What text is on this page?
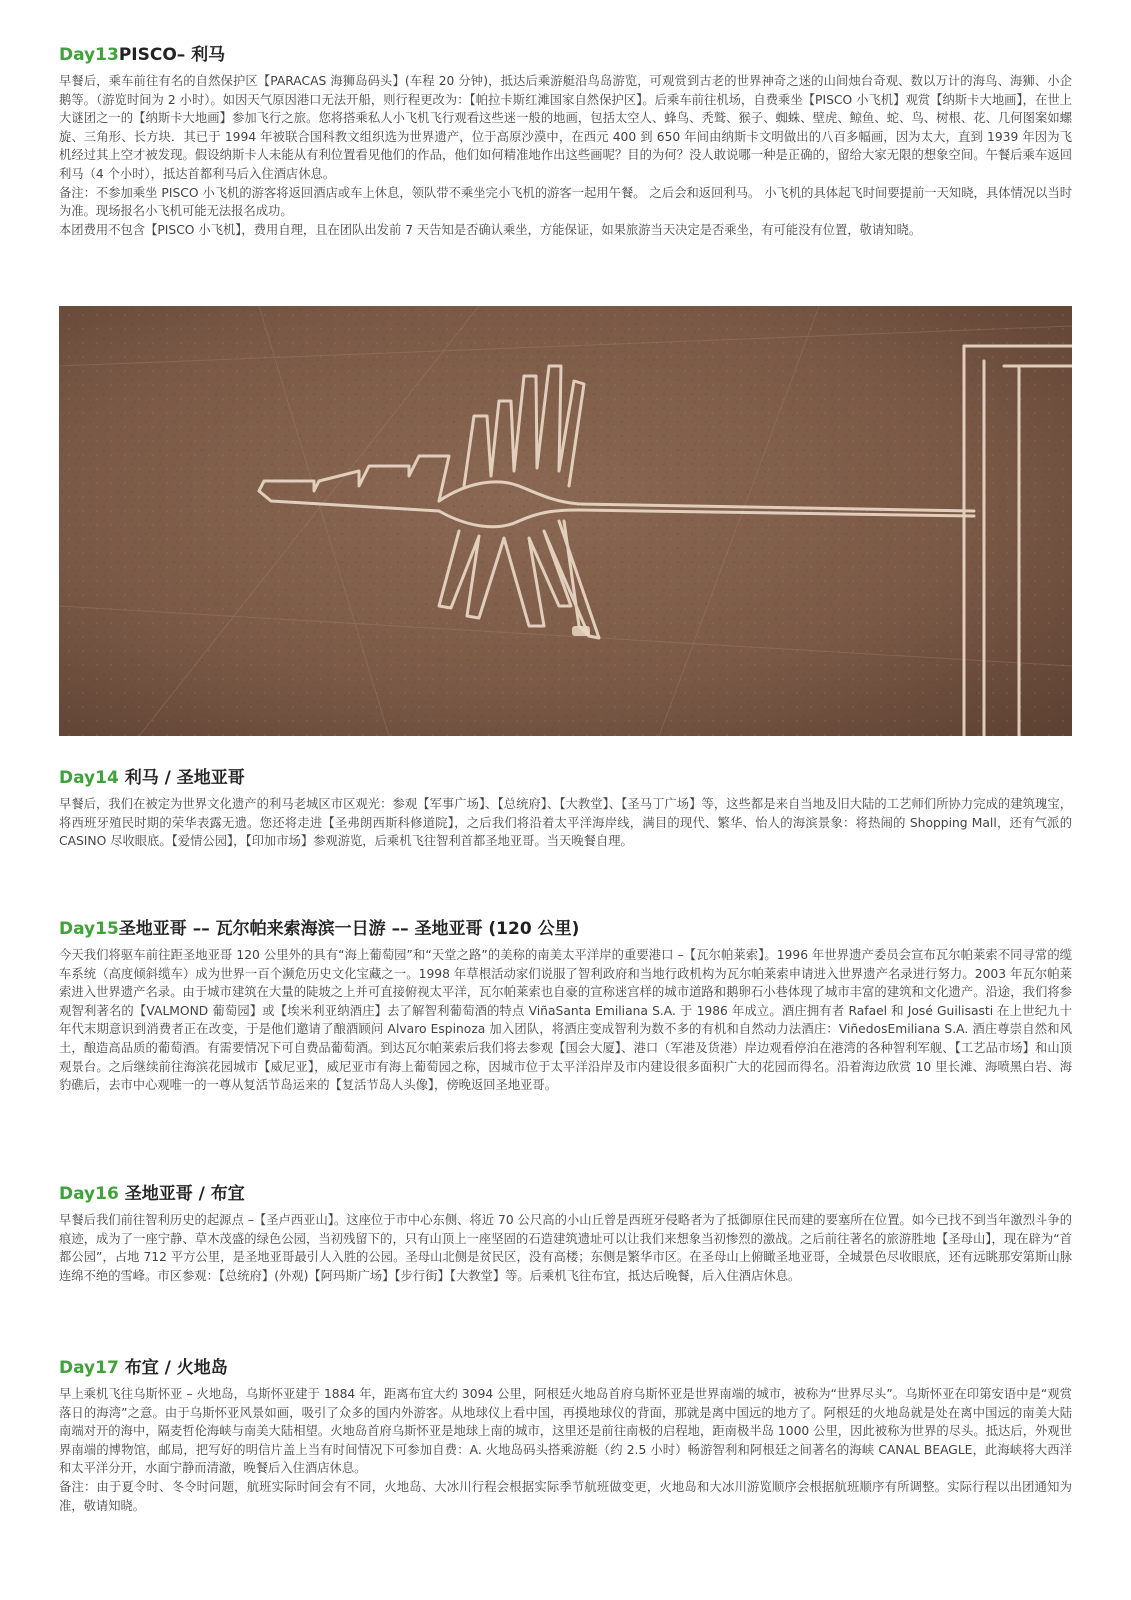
Day13PISCO– 利马

早餐后，乘车前往有名的自然保护区【PARACAS 海狮岛码头】(车程 20 分钟)，抵达后乘游艇沿鸟岛游览，可观赏到古老的世界神奇之迷的山间烛台奇观、数以万计的海鸟、海狮、小企鹅等。（游览时间为 2 小时）。如因天气原因港口无法开船，则行程更改为：【帕拉卡斯红滩国家自然保护区】。后乘车前往机场，自费乘坐【PISCO 小飞机】观赏【纳斯卡大地画】，在世上大谜团之一的【纳斯卡大地画】参加飞行之旅。您将搭乘私人小飞机飞行观看这些迷一般的地画，包括太空人、蜂鸟、秃鹫、猴子、蜘蛛、壁虎、鲸鱼、蛇、鸟、树根、花、几何图案如螺旋、三角形、长方块．其已于 1994 年被联合国科教文组织选为世界遗产，位于高原沙漠中，在西元 400 到 650 年间由纳斯卡文明做出的八百多幅画，因为太大，直到 1939 年因为飞机经过其上空才被发现。假设纳斯卡人未能从有利位置看见他们的作品，他们如何精准地作出这些画呢？目的为何？没人敢说哪一种是正确的，留给大家无限的想象空间。午餐后乘车返回利马（4 个小时），抵达首都利马后入住酒店休息。

备注：不参加乘坐 PISCO 小飞机的游客将返回酒店或车上休息，领队带不乘坐完小飞机的游客一起用午餐。 之后会和返回利马。 小飞机的具体起飞时间要提前一天知晓，具体情况以当时为准。现场报名小飞机可能无法报名成功。

本团费用不包含【PISCO 小飞机】，费用自理，且在团队出发前 7 天告知是否确认乘坐，方能保证，如果旅游当天决定是否乘坐，有可能没有位置，敬请知晓。

Day14 利马 / 圣地亚哥

早餐后，我们在被定为世界文化遗产的利马老城区市区观光：参观【军事广场】、【总统府】、【大教堂】、【圣马丁广场】等，这些都是来自当地及旧大陆的工艺师们所协力完成的建筑瑰宝，将西班牙殖民时期的荣华表露无遗。您还将走进【圣弗朗西斯科修道院】，之后我们将沿着太平洋海岸线，满目的现代、繁华、怡人的海滨景象：将热闹的 Shopping Mall，还有气派的 CASINO 尽收眼底。【爱情公园】，【印加市场】参观游览，后乘机飞往智利首都圣地亚哥。当天晚餐自理。

Day15圣地亚哥 –– 瓦尔帕来索海滨一日游 –– 圣地亚哥 (120 公里)

今天我们将驱车前往距圣地亚哥 120 公里外的具有“海上葡萄园”和“天堂之路”的美称的南美太平洋岸的重要港口 –【瓦尔帕莱索】。1996 年世界遗产委员会宣布瓦尔帕莱索不同寻常的缆车系统（高度倾斜缆车）成为世界一百个濒危历史文化宝藏之一。1998 年草根活动家们说服了智利政府和当地行政机构为瓦尔帕莱索申请进入世界遗产名录进行努力。2003 年瓦尔帕莱索进入世界遗产名录。由于城市建筑在大量的陡坡之上并可直接俯视太平洋，瓦尔帕莱索也自豪的宣称迷宫样的城市道路和鹅卵石小巷体现了城市丰富的建筑和文化遗产。沿途，我们将参观智利著名的【VALMOND 葡萄园】或【埃米利亚纳酒庄】去了解智利葡萄酒的特点 ViñaSanta Emiliana S.A. 于 1986 年成立。酒庄拥有者 Rafael 和 José Guilisasti 在上世纪九十年代末期意识到消费者正在改变，于是他们邀请了酿酒顾问 Alvaro Espinoza 加入团队，将酒庄变成智利为数不多的有机和自然动力法酒庄：ViñedosEmiliana S.A. 酒庄尊崇自然和风土，酿造高品质的葡萄酒。有需要情况下可自费品葡萄酒。到达瓦尔帕莱索后我们将去参观【国会大厦】、港口（军港及货港）岸边观看停泊在港湾的各种智利军舰、【工艺品市场】和山顶观景台。之后继续前往海滨花园城市【威尼亚】，威尼亚市有海上葡萄园之称，因城市位于太平洋沿岸及市内建设很多面积广大的花园而得名。沿着海边欣赏 10 里长滩、海喷黑白岩、海豹礁后，去市中心观唯一的一尊从复活节岛运来的【复活节岛人头像】，傍晚返回圣地亚哥。

Day16 圣地亚哥 / 布宜

早餐后我们前往智利历史的起源点 –【圣卢西亚山】。这座位于市中心东侧、将近 70 公尺高的小山丘曾是西班牙侵略者为了抵御原住民而建的要塞所在位置。如今已找不到当年激烈斗争的痕迹，成为了一座宁静、草木茂盛的绿色公园，当初残留下的，只有山顶上一座坚固的石造建筑遗址可以让我们来想象当初惨烈的激战。之后前往著名的旅游胜地【圣母山】，现在辟为“首都公园”，占地 712 平方公里，是圣地亚哥最引人入胜的公园。圣母山北侧是贫民区，没有高楼；东侧是繁华市区。在圣母山上俯瞰圣地亚哥，全城景色尽收眼底，还有远眺那安第斯山脉连绵不绝的雪峰。市区参观：【总统府】(外观)【阿玛斯广场】【步行街】【大教堂】等。后乘机飞往布宜，抵达后晚餐，后入住酒店休息。

Day17 布宜 / 火地岛

早上乘机飞往乌斯怀亚 – 火地岛，乌斯怀亚建于 1884 年，距离布宜大约 3094 公里，阿根廷火地岛首府乌斯怀亚是世界南端的城市，被称为“世界尽头”。乌斯怀亚在印第安语中是“观赏落日的海湾”之意。由于乌斯怀亚风景如画，吸引了众多的国内外游客。从地球仪上看中国，再摸地球仪的背面，那就是离中国远的地方了。阿根廷的火地岛就是处在离中国远的南美大陆南端对开的海中，隔麦哲伦海峡与南美大陆相望。火地岛首府乌斯怀亚是地球上南的城市，这里还是前往南极的启程地，距南极半岛 1000 公里，因此被称为世界的尽头。抵达后，外观世界南端的博物馆，邮局，把写好的明信片盖上当有时间情况下可参加自费：A. 火地岛码头搭乘游艇（约 2.5 小时）畅游智利和阿根廷之间著名的海峡 CANAL BEAGLE，此海峡将大西洋和太平洋分开，水面宁静而清澈，晚餐后入住酒店休息。

备注：由于夏令时、冬令时问题，航班实际时间会有不同，火地岛、大冰川行程会根据实际季节航班做变更，火地岛和大冰川游览顺序会根据航班顺序有所调整。实际行程以出团通知为准，敬请知晓。
